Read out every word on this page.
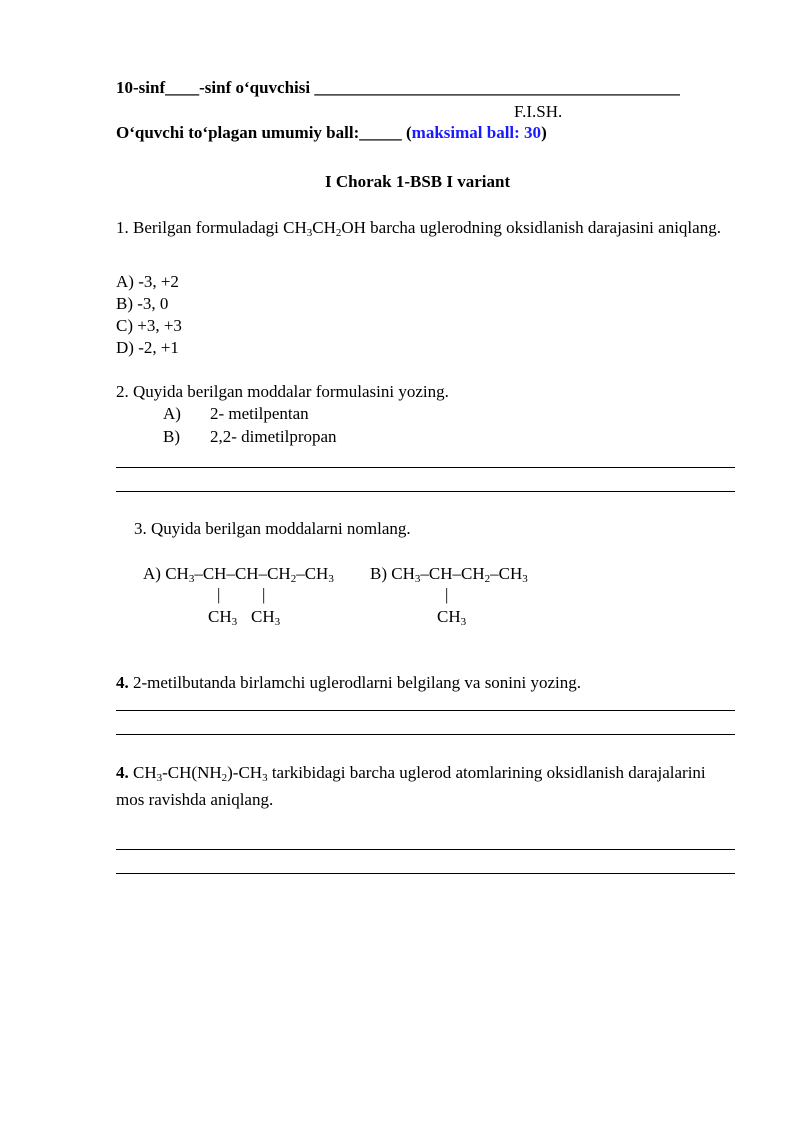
10-sinf____-sinf o‘quvchisi ___________________________________________
F.I.SH.
O‘quvchi to‘plagan umumiy ball:_____ (maksimal ball: 30)
I Chorak 1-BSB I variant
1. Berilgan formuladagi $CH_3CH_2OH$ barcha uglerodning oksidlanish darajasini aniqlang.
A) -3, +2
B) -3, 0
C) +3, +3
D) -2, +1
2. Quyida berilgan moddalar formulasini yozing.
A) 2- metilpentan
B) 2,2- dimetilpropan
3. Quyida berilgan moddalarni nomlang.
A) $CH_3-CH-CH-CH_2-CH_3$
| |
$CH_3$ $CH_3$
B) $CH_3-CH-CH_2-CH_3$
|
$CH_3$
4. 2-metilbutanda birlamchi uglerodlarni belgilang va sonini yozing.
4. $CH_3-CH(NH_2)-CH_3$ tarkibidagi barcha uglerod atomlarining oksidlanish darajalarini mos ravishda aniqlang.
